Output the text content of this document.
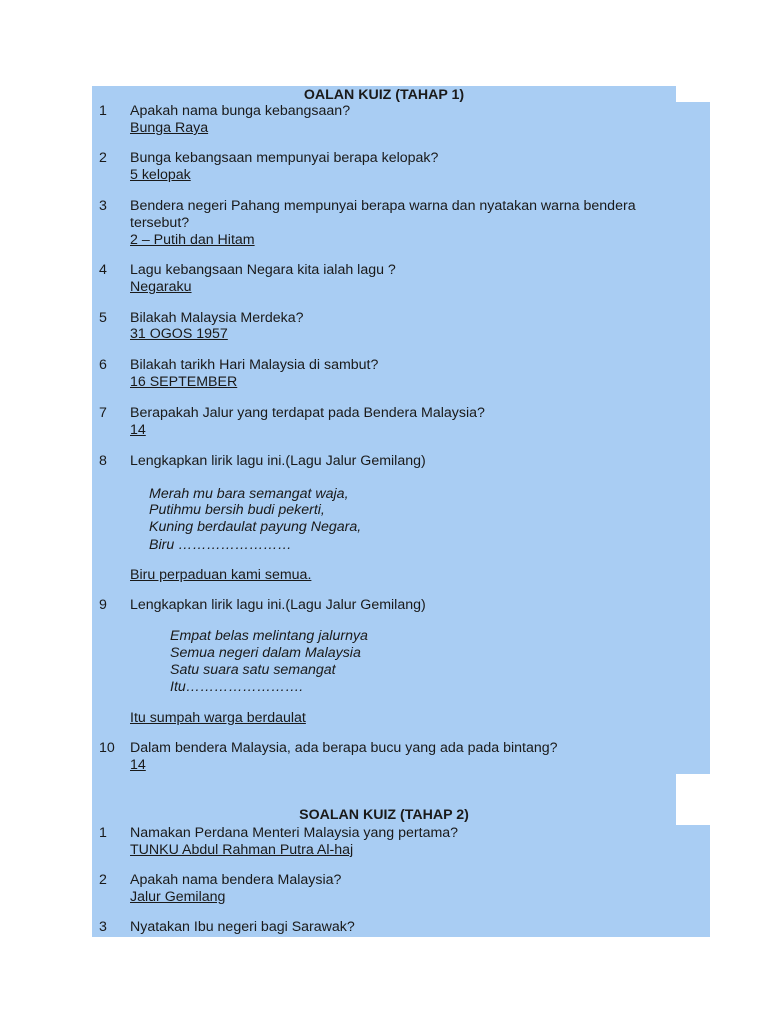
OALAN KUIZ (TAHAP 1)
1 Apakah nama bunga kebangsaan?
Bunga Raya
2 Bunga kebangsaan mempunyai berapa kelopak?
5 kelopak
3 Bendera negeri Pahang mempunyai berapa warna dan nyatakan warna bendera
tersebut?
2 – Putih dan Hitam
4 Lagu kebangsaan Negara kita ialah lagu ?
Negaraku
5 Bilakah Malaysia Merdeka?
31 OGOS 1957
6 Bilakah tarikh Hari Malaysia di sambut?
16 SEPTEMBER
7 Berapakah Jalur yang terdapat pada Bendera Malaysia?
14
8 Lengkapkan lirik lagu ini.(Lagu Jalur Gemilang)
Merah mu bara semangat waja,
Putihmu bersih budi pekerti,
Kuning berdaulat payung Negara,
Biru ……………………
Biru perpaduan kami semua.
9 Lengkapkan lirik lagu ini.(Lagu Jalur Gemilang)
Empat belas melintang jalurnya
Semua negeri dalam Malaysia
Satu suara satu semangat
Itu…………………….
Itu sumpah warga berdaulat
10 Dalam bendera Malaysia, ada berapa bucu yang ada pada bintang?
14
SOALAN KUIZ (TAHAP 2)
1 Namakan Perdana Menteri Malaysia yang pertama?
TUNKU Abdul Rahman Putra Al-haj
2 Apakah nama bendera Malaysia?
Jalur Gemilang
3 Nyatakan Ibu negeri bagi Sarawak?
